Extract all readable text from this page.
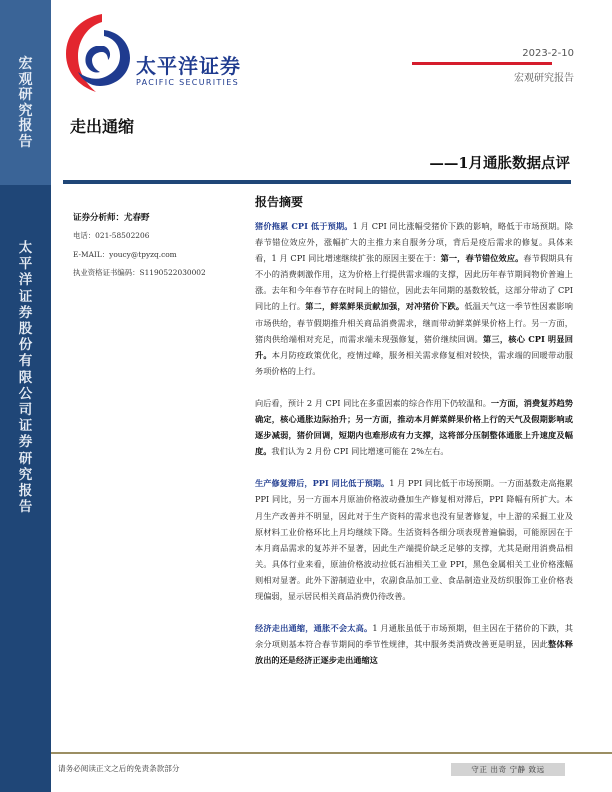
宏
观
研
究
报
告
太
平
洋
证
券
股
份
有
限
公
司
证
券
研
究
报
告
太平洋证券
PACIFIC SECURITIES
2023-2-10
宏观研究报告
走出通缩
——1月通胀数据点评
证券分析师：尤春野
电话：021-58502206
E-MAIL：youcy@tpyzq.com
执业资格证书编码：S1190522030002
报告摘要

猪价拖累 CPI 低于预期。1 月 CPI 同比涨幅受猪价下跌的影响，略低于市场预期。除春节错位效应外，涨幅扩大的主推力来自服务分项，背后是疫后需求的修复。具体来看，1 月 CPI 同比增速继续扩张的原因主要在于：第一，春节错位效应。春节假期具有不小的消费刺激作用，这为价格上行提供需求端的支撑，因此历年春节期间物价普遍上涨。去年和今年春节存在时间上的错位，因此去年同期的基数较低，这部分带动了 CPI 同比的上行。第二，鲜菜鲜果贡献加强，对冲猪价下跌。低温天气这一季节性因素影响市场供给，春节假期推升相关商品消费需求，继而带动鲜菜鲜果价格上行。另一方面，猪肉供给端相对充足，而需求端未现强修复，猪价继续回调。第三，核心 CPI 明显回升。本月防疫政策优化，疫情过峰，服务相关需求修复相对较快，需求端的回暖带动服务项价格的上行。

向后看，预计 2 月 CPI 同比在多重因素的综合作用下仍较温和。一方面，消费复苏趋势确定，核心通胀边际抬升；另一方面，推动本月鲜菜鲜果价格上行的天气及假期影响或逐步减弱，猪价回调，短期内也难形成有力支撑，这将部分压制整体通胀上升速度及幅度。我们认为 2 月份 CPI 同比增速可能在 2%左右。

生产修复滞后，PPI 同比低于预期。1 月 PPI 同比低于市场预期。一方面基数走高拖累 PPI 同比，另一方面本月原油价格波动叠加生产修复相对滞后，PPI 降幅有所扩大。本月生产改善并不明显，因此对于生产资料的需求也没有显著修复，中上游的采掘工业及原材料工业价格环比上月均继续下降。生活资料各细分项表现普遍偏弱，可能原因在于本月商品需求的复苏并不显著，因此生产端提价缺乏足够的支撑，尤其是耐用消费品相关。具体行业来看，原油价格波动拉低石油相关工业 PPI，黑色金属相关工业价格涨幅则相对显著。此外下游制造业中，农副食品加工业、食品制造业及纺织服饰工业价格表现偏弱，显示居民相关商品消费仍待改善。

经济走出通缩，通胀不会太高。1 月通胀虽低于市场预期，但主因在于猪价的下跌，其余分项则基本符合春节期间的季节性规律，其中服务类消费改善更是明显，因此整体释放出的还是经济正逐步走出通缩这

请务必阅读正文之后的免责条款部分	守正 出奇 宁静 致远
